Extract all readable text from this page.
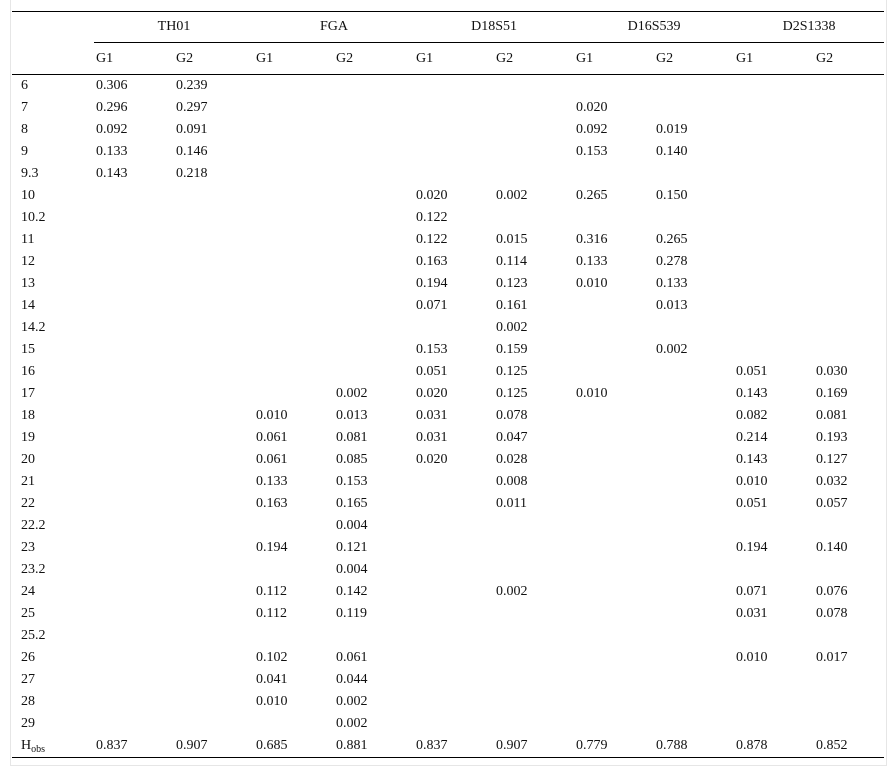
	TH01		FGA		D18S51		D16S539		D2S1338	
	G1	G2	G1	G2	G1	G2	G1	G2	G1	G2
6	0.306	0.239								
7	0.296	0.297					0.020			
8	0.092	0.091					0.092	0.019		
9	0.133	0.146					0.153	0.140		
9.3	0.143	0.218								
10					0.020	0.002	0.265	0.150		
10.2					0.122					
11					0.122	0.015	0.316	0.265		
12					0.163	0.114	0.133	0.278		
13					0.194	0.123	0.010	0.133		
14					0.071	0.161		0.013		
14.2						0.002				
15					0.153	0.159		0.002		
16					0.051	0.125			0.051	0.030
17				0.002	0.020	0.125	0.010		0.143	0.169
18			0.010	0.013	0.031	0.078			0.082	0.081
19			0.061	0.081	0.031	0.047			0.214	0.193
20			0.061	0.085	0.020	0.028			0.143	0.127
21			0.133	0.153		0.008			0.010	0.032
22			0.163	0.165		0.011			0.051	0.057
22.2				0.004						
23			0.194	0.121					0.194	0.140
23.2				0.004						
24			0.112	0.142		0.002			0.071	0.076
25			0.112	0.119					0.031	0.078
25.2										
26			0.102	0.061					0.010	0.017
27			0.041	0.044						
28			0.010	0.002						
29				0.002						
$H_{obs}$	0.837	0.907	0.685	0.881	0.837	0.907	0.779	0.788	0.878	0.852
